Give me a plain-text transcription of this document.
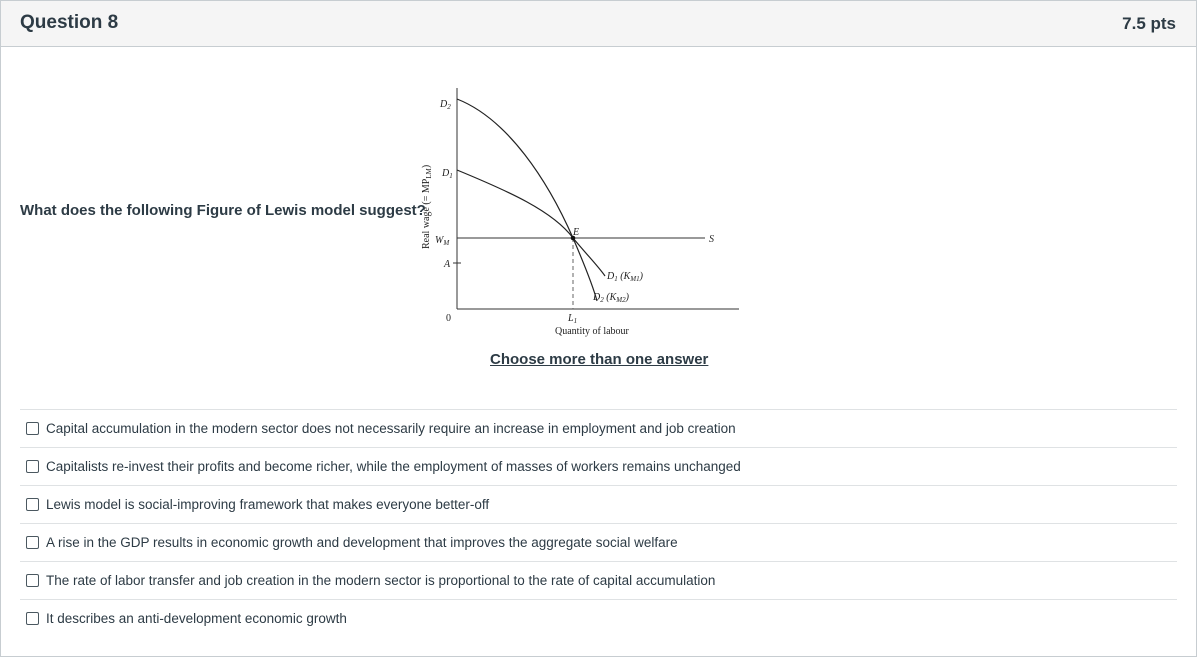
Question 8	7.5 pts
What does the following Figure of Lewis model suggest?
Real wage (= $MP_{LM}$)
$D_2$
$D_1$
$W_M$
A
0
E
S
$D_1$ $(K_{M1})$
$D_2$ $(K_{M2})$
$L_1$
Quantity of labour
Choose more than one answer
Capital accumulation in the modern sector does not necessarily require an increase in employment and job creation
Capitalists re-invest their profits and become richer, while the employment of masses of workers remains unchanged
Lewis model is social-improving framework that makes everyone better-off
A rise in the GDP results in economic growth and development that improves the aggregate social welfare
The rate of labor transfer and job creation in the modern sector is proportional to the rate of capital accumulation
It describes an anti-development economic growth
